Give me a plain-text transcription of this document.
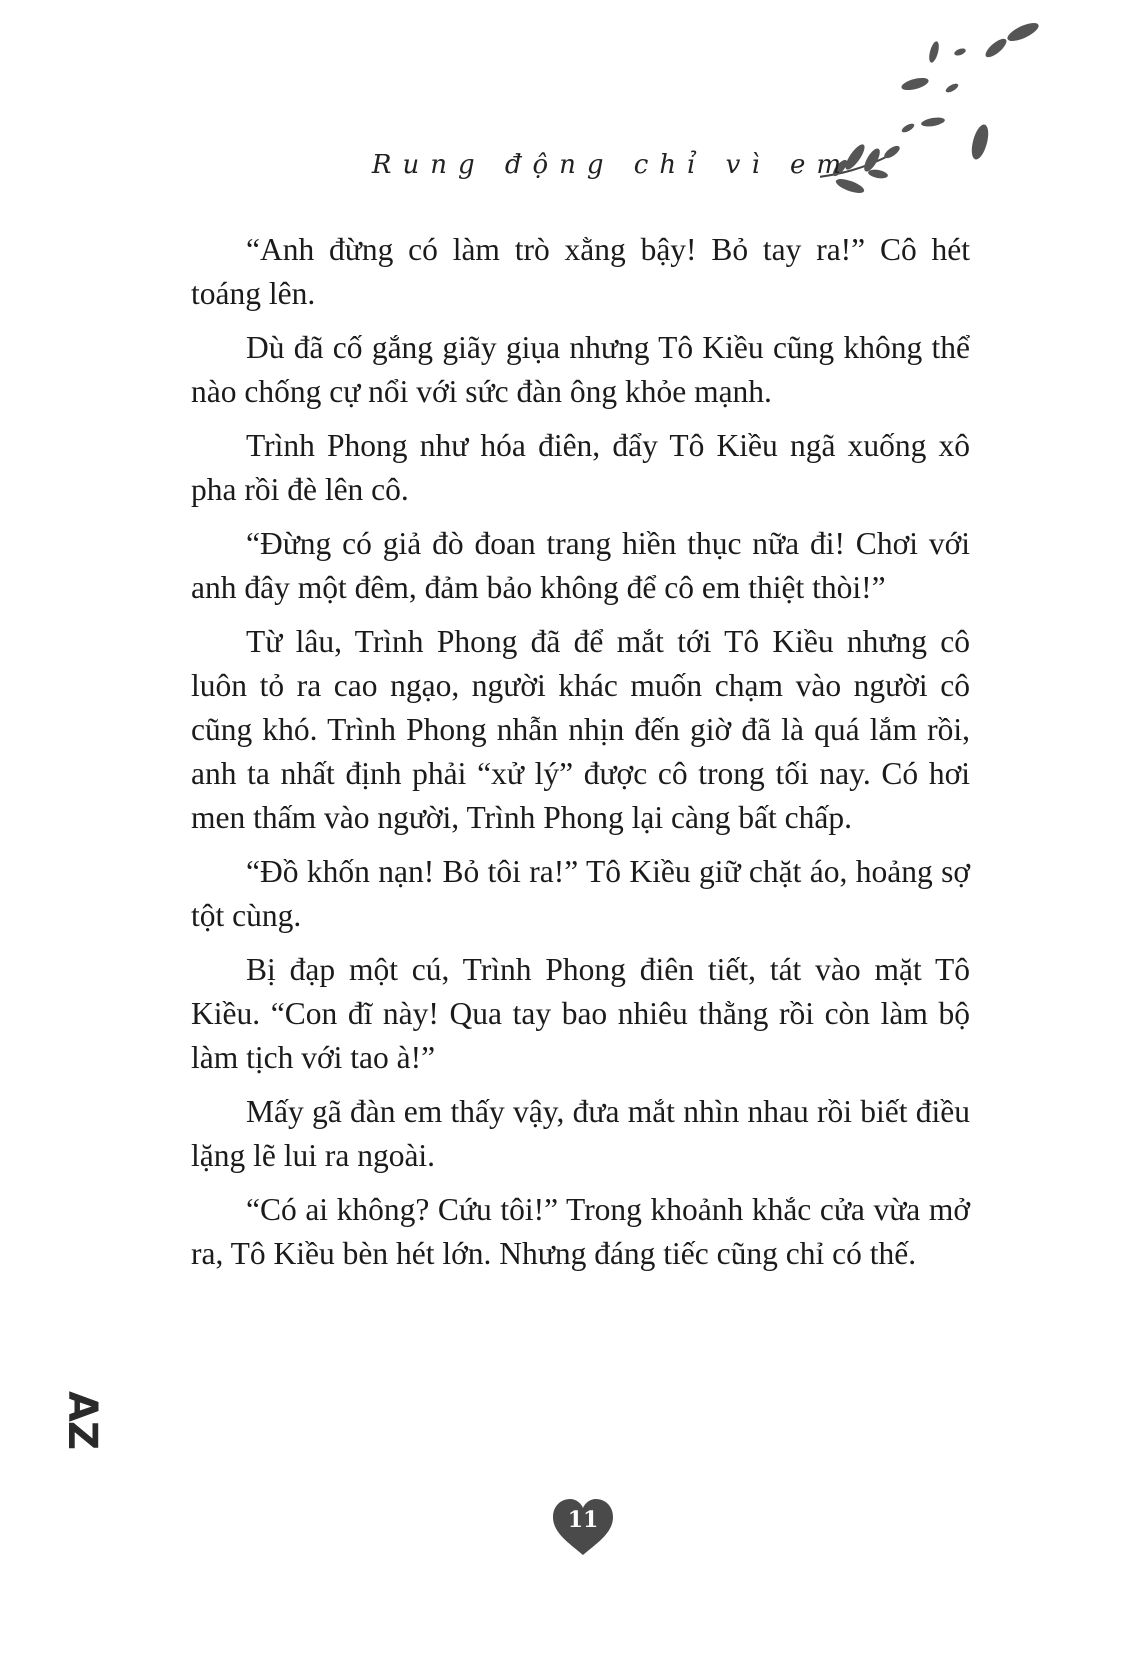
Rung động chỉ vì em

“Anh đừng có làm trò xằng bậy! Bỏ tay ra!” Cô hét toáng lên.

Dù đã cố gắng giãy giụa nhưng Tô Kiều cũng không thể nào chống cự nổi với sức đàn ông khỏe mạnh.

Trình Phong như hóa điên, đẩy Tô Kiều ngã xuống xô pha rồi đè lên cô.

“Đừng có giả đò đoan trang hiền thục nữa đi! Chơi với anh đây một đêm, đảm bảo không để cô em thiệt thòi!”

Từ lâu, Trình Phong đã để mắt tới Tô Kiều nhưng cô luôn tỏ ra cao ngạo, người khác muốn chạm vào người cô cũng khó. Trình Phong nhẫn nhịn đến giờ đã là quá lắm rồi, anh ta nhất định phải “xử lý” được cô trong tối nay. Có hơi men thấm vào người, Trình Phong lại càng bất chấp.

“Đồ khốn nạn! Bỏ tôi ra!” Tô Kiều giữ chặt áo, hoảng sợ tột cùng.

Bị đạp một cú, Trình Phong điên tiết, tát vào mặt Tô Kiều. “Con đĩ này! Qua tay bao nhiêu thằng rồi còn làm bộ làm tịch với tao à!”

Mấy gã đàn em thấy vậy, đưa mắt nhìn nhau rồi biết điều lặng lẽ lui ra ngoài.

“Có ai không? Cứu tôi!” Trong khoảnh khắc cửa vừa mở ra, Tô Kiều bèn hét lớn. Nhưng đáng tiếc cũng chỉ có thế.

AZ
11
